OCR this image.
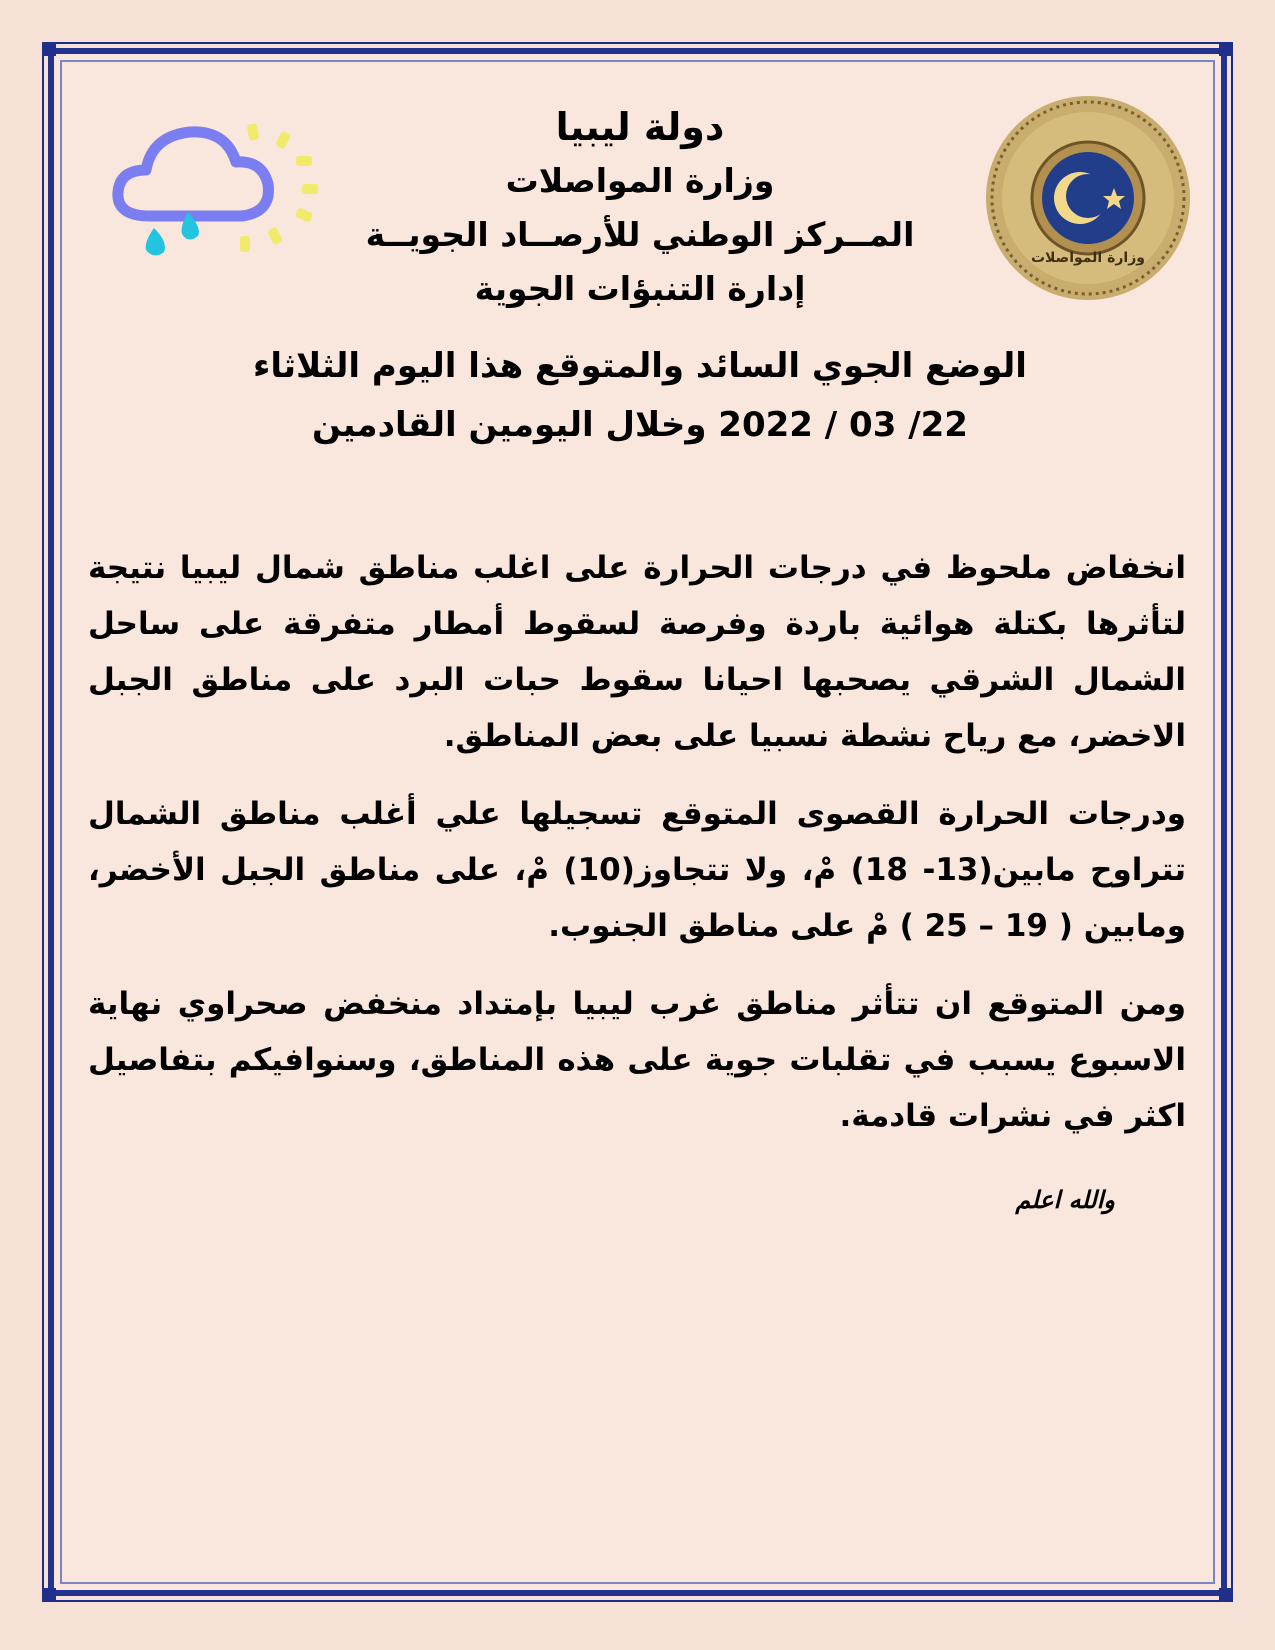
وزارة المواصلات
دولة ليبيا
وزارة المواصلات
المــركز الوطني للأرصــاد الجويــة
إدارة التنبؤات الجوية
الوضع الجوي السائد والمتوقع هذا اليوم الثلاثاء
22/ 03 / 2022 وخلال اليومين القادمين

انخفاض ملحوظ في درجات الحرارة على اغلب مناطق شمال ليبيا نتيجة لتأثرها بكتلة هوائية باردة وفرصة لسقوط أمطار متفرقة على ساحل الشمال الشرقي يصحبها احيانا سقوط حبات البرد على مناطق الجبل الاخضر، مع رياح نشطة نسبيا على بعض المناطق.

ودرجات الحرارة القصوى المتوقع تسجيلها علي أغلب مناطق الشمال تتراوح مابين(13- 18) مْ، ولا تتجاوز(10) مْ، على مناطق الجبل الأخضر، ومابين ( 19 – 25 ) مْ على مناطق الجنوب.

ومن المتوقع ان تتأثر مناطق غرب ليبيا بإمتداد منخفض صحراوي نهاية الاسبوع يسبب في تقلبات جوية على هذه المناطق، وسنوافيكم بتفاصيل اكثر في نشرات قادمة.

والله اعلم
